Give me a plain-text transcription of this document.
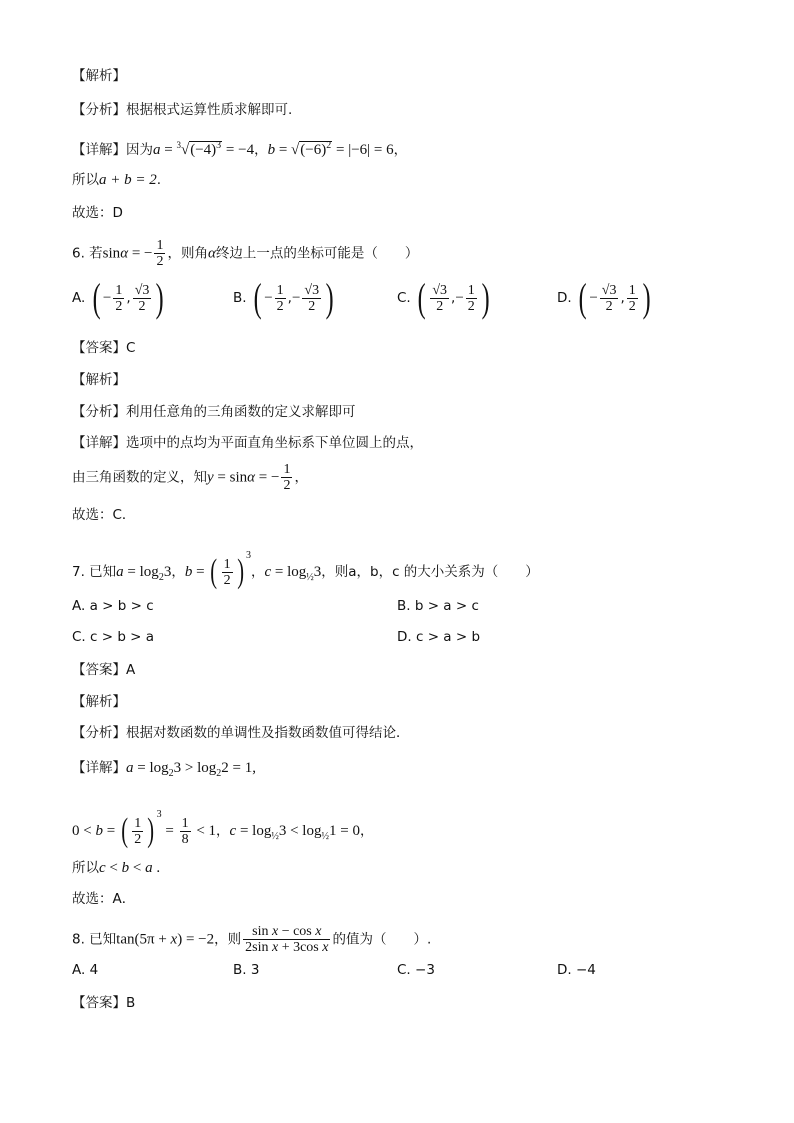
【解析】
【分析】根据根式运算性质求解即可.
【详解】因为$a = ^3√(-4)^3 = -4$，$b = √(-6)^2 = |-6| = 6$，
所以a + b = 2.
故选：D
6. 若sinα = − $\frac{1}{2}$ ，则角α终边上一点的坐标可能是（　　）
A. ( − $\frac{1}{2}$ , $\frac{√3}{2}$ )	B. ( − $\frac{1}{2}$ ,− $\frac{√3}{2}$ )	C. ( $\frac{√3}{2}$ ,− $\frac{1}{2}$ )	D. ( − $\frac{√3}{2}$ , $\frac{1}{2}$ )
【答案】C
【解析】
【分析】利用任意角的三角函数的定义求解即可
【详解】选项中的点均为平面直角坐标系下单位圆上的点，
由三角函数的定义，知y = sinα = − $\frac{1}{2}$ ，
故选：C．
7. 已知$a = \log_23$，b = ( $\frac{1}{2}$ ) $^3$，$c = \log_{\frac{1}{2}}3$，则a，b，c 的大小关系为（　　）
A. a > b > c	B. b > a > c
C. c > b > a	D. c > a > b
【答案】A
【解析】
【分析】根据对数函数的单调性及指数函数值可得结论．
【详解】$a = \log_23 > \log_22 = 1$,
0 < b = ( $\frac{1}{2}$ ) $^3 = \frac{1}{8} < 1$，$c = \log_{\frac{1}{2}}3 < \log_{\frac{1}{2}}1 = 0$，
所以c < b < a .
故选：A．
8. 已知tan(5π + x) = −2，则 $\frac{\text{sin x − cos x}}{\text{2sin x + 3cos x}}$ 的值为（　　）.
A. 4	B. 3	C. −3	D. −4
【答案】B
